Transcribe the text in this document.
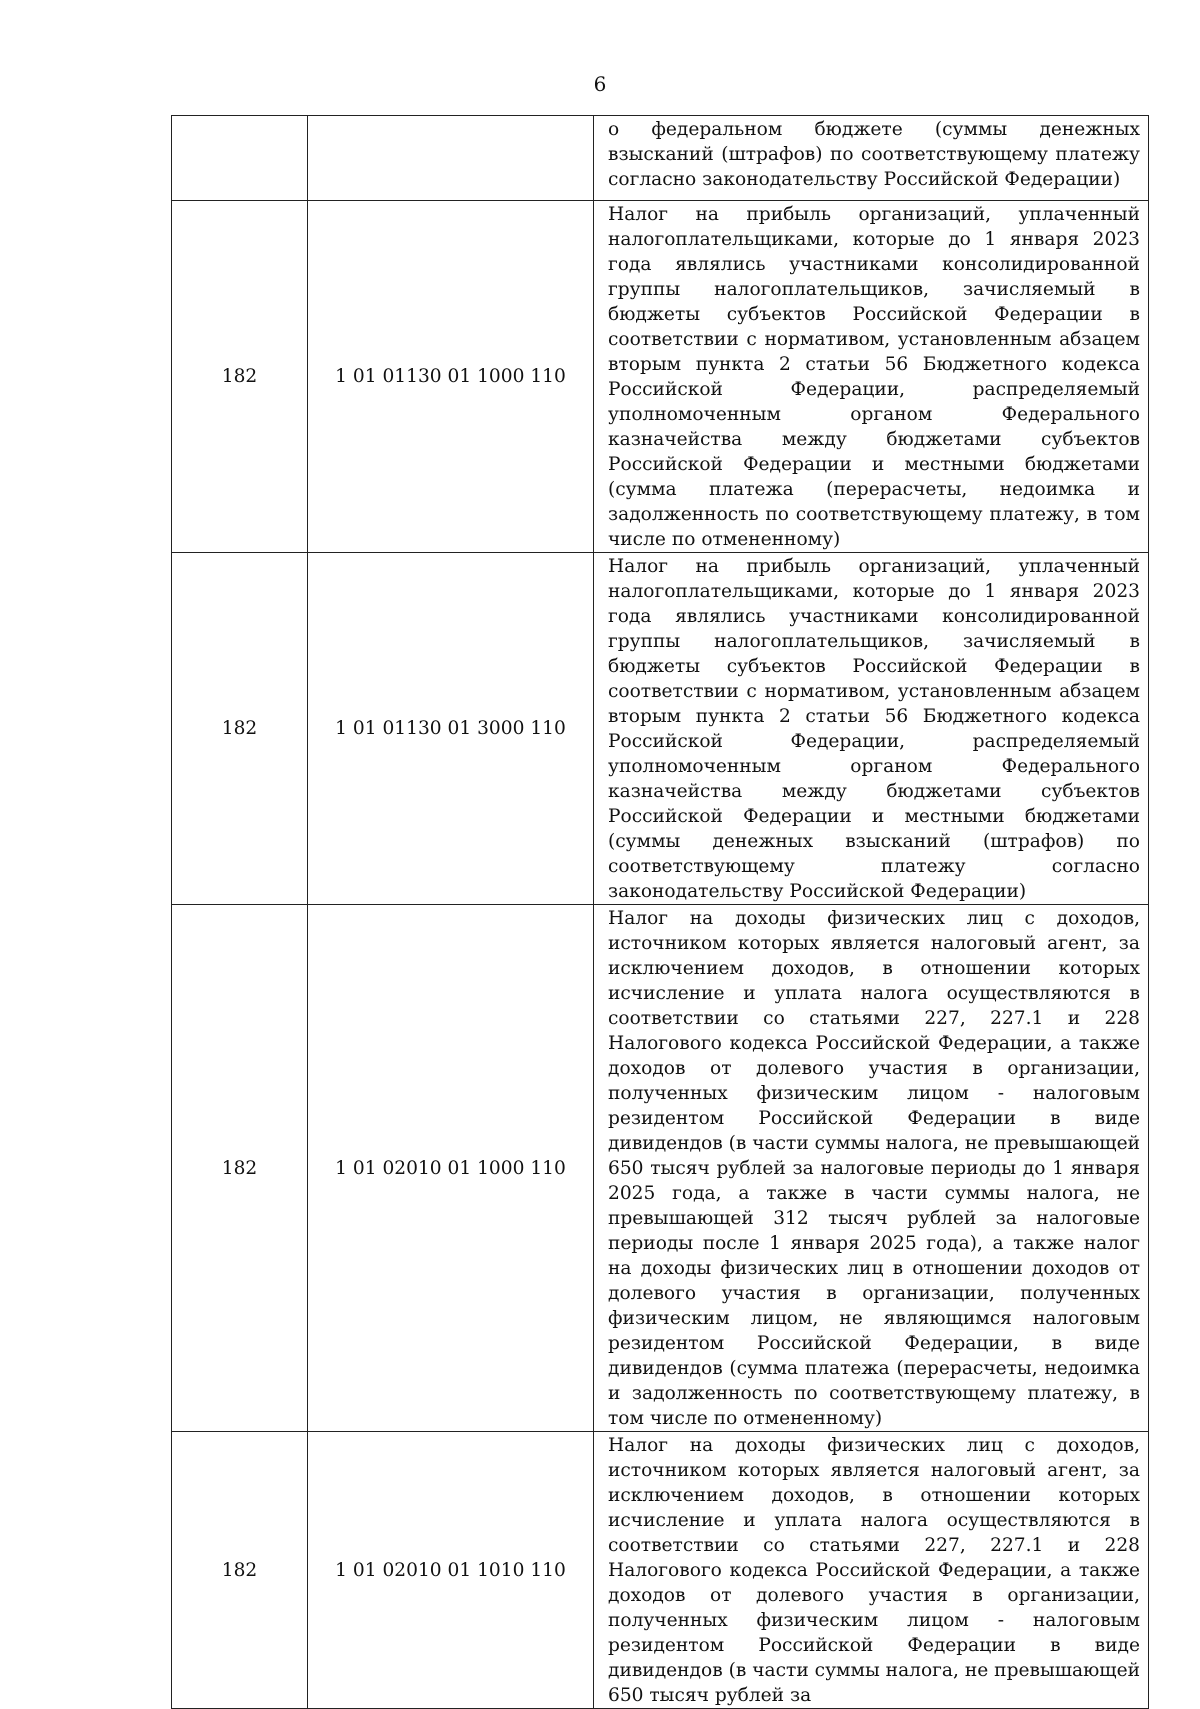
6
		о федеральном бюджете (суммы денежных взысканий (штрафов) по соответствующему платежу согласно законодательству Российской Федерации)
182	1 01 01130 01 1000 110	Налог на прибыль организаций, уплаченный налогоплательщиками, которые до 1 января 2023 года являлись участниками консолидированной группы налогоплательщиков, зачисляемый в бюджеты субъектов Российской Федерации в соответствии с нормативом, установленным абзацем вторым пункта 2 статьи 56 Бюджетного кодекса Российской Федерации, распределяемый уполномоченным органом Федерального казначейства между бюджетами субъектов Российской Федерации и местными бюджетами (сумма платежа (перерасчеты, недоимка и задолженность по соответствующему платежу, в том числе по отмененному)
182	1 01 01130 01 3000 110	Налог на прибыль организаций, уплаченный налогоплательщиками, которые до 1 января 2023 года являлись участниками консолидированной группы налогоплательщиков, зачисляемый в бюджеты субъектов Российской Федерации в соответствии с нормативом, установленным абзацем вторым пункта 2 статьи 56 Бюджетного кодекса Российской Федерации, распределяемый уполномоченным органом Федерального казначейства между бюджетами субъектов Российской Федерации и местными бюджетами (суммы денежных взысканий (штрафов) по соответствующему платежу согласно законодательству Российской Федерации)
182	1 01 02010 01 1000 110	Налог на доходы физических лиц с доходов, источником которых является налоговый агент, за исключением доходов, в отношении которых исчисление и уплата налога осуществляются в соответствии со статьями 227, 227.1 и 228 Налогового кодекса Российской Федерации, а также доходов от долевого участия в организации, полученных физическим лицом - налоговым резидентом Российской Федерации в виде дивидендов (в части суммы налога, не превышающей 650 тысяч рублей за налоговые периоды до 1 января 2025 года, а также в части суммы налога, не превышающей 312 тысяч рублей за налоговые периоды после 1 января 2025 года), а также налог на доходы физических лиц в отношении доходов от долевого участия в организации, полученных физическим лицом, не являющимся налоговым резидентом Российской Федерации, в виде дивидендов (сумма платежа (перерасчеты, недоимка и задолженность по соответствующему платежу, в том числе по отмененному)
182	1 01 02010 01 1010 110	Налог на доходы физических лиц с доходов, источником которых является налоговый агент, за исключением доходов, в отношении которых исчисление и уплата налога осуществляются в соответствии со статьями 227, 227.1 и 228 Налогового кодекса Российской Федерации, а также доходов от долевого участия в организации, полученных физическим лицом - налоговым резидентом Российской Федерации в виде дивидендов (в части суммы налога, не превышающей 650 тысяч рублей за
